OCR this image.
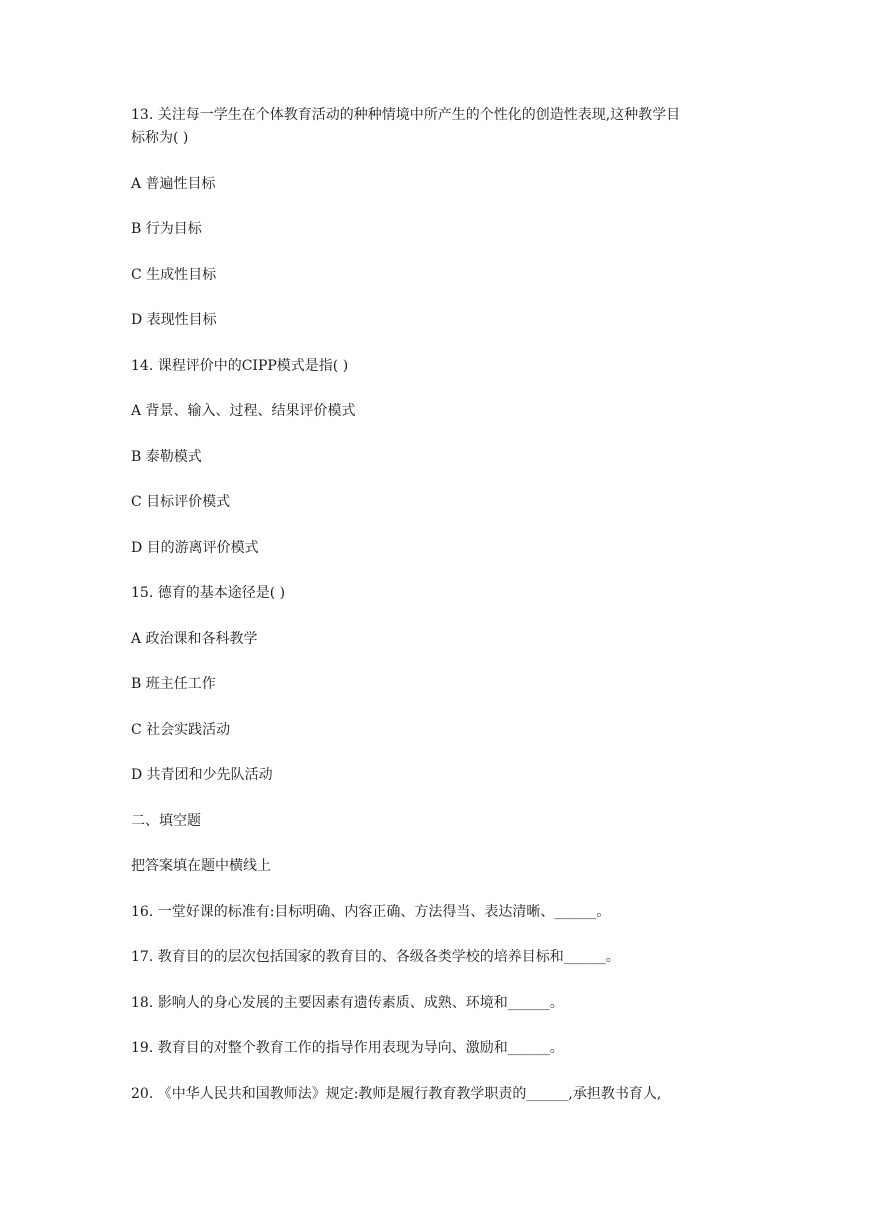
13. 关注每一学生在个体教育活动的种种情境中所产生的个性化的创造性表现,这种教学目
标称为( )
A 普遍性目标
B 行为目标
C 生成性目标
D 表现性目标
14. 课程评价中的CIPP模式是指( )
A 背景、输入、过程、结果评价模式
B 泰勒模式
C 目标评价模式
D 目的游离评价模式
15. 德育的基本途径是( )
A 政治课和各科教学
B 班主任工作
C 社会实践活动
D 共青团和少先队活动
二、填空题
把答案填在题中横线上
16. 一堂好课的标准有:目标明确、内容正确、方法得当、表达清晰、______。
17. 教育目的的层次包括国家的教育目的、各级各类学校的培养目标和______。
18. 影响人的身心发展的主要因素有遗传素质、成熟、环境和______。
19. 教育目的对整个教育工作的指导作用表现为导向、激励和______。
20. 《中华人民共和国教师法》规定:教师是履行教育教学职责的______,承担教书育人,
